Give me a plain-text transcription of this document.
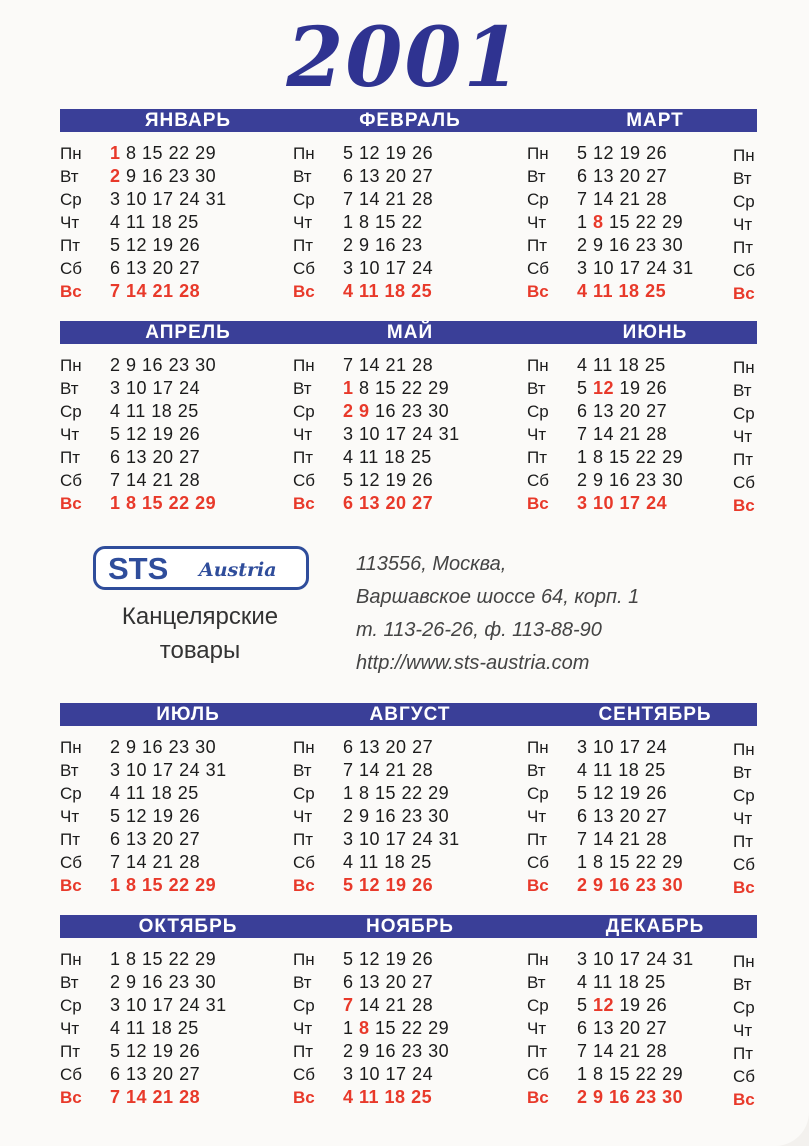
2001
STS Austria
Канцелярские
товары
113556, Москва,
Варшавское шоссе 64, корп. 1
т. 113-26-26, ф. 113-88-90
http://www.sts-austria.com
ЯНВАРЬ
Пн 1 8 15 22 29
Вт 2 9 16 23 30
Ср 3 10 17 24 31
Чт 4 11 18 25
Пт 5 12 19 26
Сб 6 13 20 27
Вс 7 14 21 28
ФЕВРАЛЬ
Пн 5 12 19 26
Вт 6 13 20 27
Ср 7 14 21 28
Чт 1 8 15 22
Пт 2 9 16 23
Сб 3 10 17 24
Вс 4 11 18 25
МАРТ
Пн 5 12 19 26
Вт 6 13 20 27
Ср 7 14 21 28
Чт 1 8 15 22 29
Пт 2 9 16 23 30
Сб 3 10 17 24 31
Вс 4 11 18 25
Пн
Вт
Ср
Чт
Пт
Сб
Вс
АПРЕЛЬ
Пн 2 9 16 23 30
Вт 3 10 17 24
Ср 4 11 18 25
Чт 5 12 19 26
Пт 6 13 20 27
Сб 7 14 21 28
Вс 1 8 15 22 29
МАЙ
Пн 7 14 21 28
Вт 1 8 15 22 29
Ср 2 9 16 23 30
Чт 3 10 17 24 31
Пт 4 11 18 25
Сб 5 12 19 26
Вс 6 13 20 27
ИЮНЬ
Пн 4 11 18 25
Вт 5 12 19 26
Ср 6 13 20 27
Чт 7 14 21 28
Пт 1 8 15 22 29
Сб 2 9 16 23 30
Вс 3 10 17 24
Пн
Вт
Ср
Чт
Пт
Сб
Вс
ИЮЛЬ
Пн 2 9 16 23 30
Вт 3 10 17 24 31
Ср 4 11 18 25
Чт 5 12 19 26
Пт 6 13 20 27
Сб 7 14 21 28
Вс 1 8 15 22 29
АВГУСТ
Пн 6 13 20 27
Вт 7 14 21 28
Ср 1 8 15 22 29
Чт 2 9 16 23 30
Пт 3 10 17 24 31
Сб 4 11 18 25
Вс 5 12 19 26
СЕНТЯБРЬ
Пн 3 10 17 24
Вт 4 11 18 25
Ср 5 12 19 26
Чт 6 13 20 27
Пт 7 14 21 28
Сб 1 8 15 22 29
Вс 2 9 16 23 30
Пн
Вт
Ср
Чт
Пт
Сб
Вс
ОКТЯБРЬ
Пн 1 8 15 22 29
Вт 2 9 16 23 30
Ср 3 10 17 24 31
Чт 4 11 18 25
Пт 5 12 19 26
Сб 6 13 20 27
Вс 7 14 21 28
НОЯБРЬ
Пн 5 12 19 26
Вт 6 13 20 27
Ср 7 14 21 28
Чт 1 8 15 22 29
Пт 2 9 16 23 30
Сб 3 10 17 24
Вс 4 11 18 25
ДЕКАБРЬ
Пн 3 10 17 24 31
Вт 4 11 18 25
Ср 5 12 19 26
Чт 6 13 20 27
Пт 7 14 21 28
Сб 1 8 15 22 29
Вс 2 9 16 23 30
Пн
Вт
Ср
Чт
Пт
Сб
Вс
